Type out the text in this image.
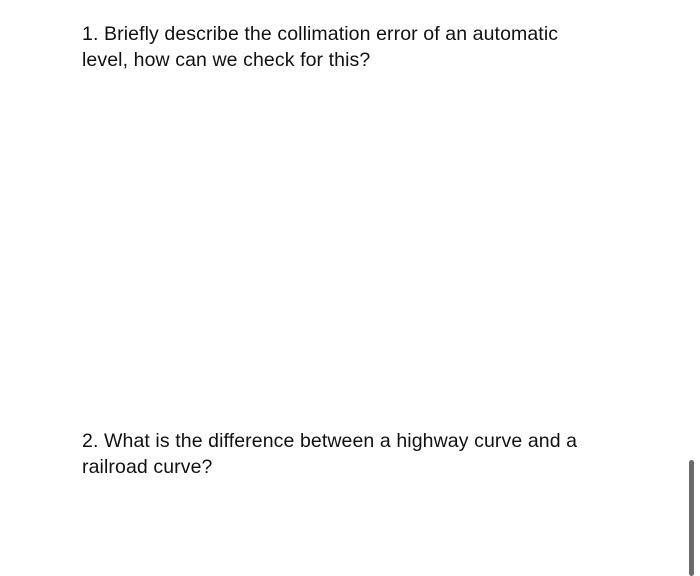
1. Briefly describe the collimation error of an automatic
level, how can we check for this?
2. What is the difference between a highway curve and a
railroad curve?
